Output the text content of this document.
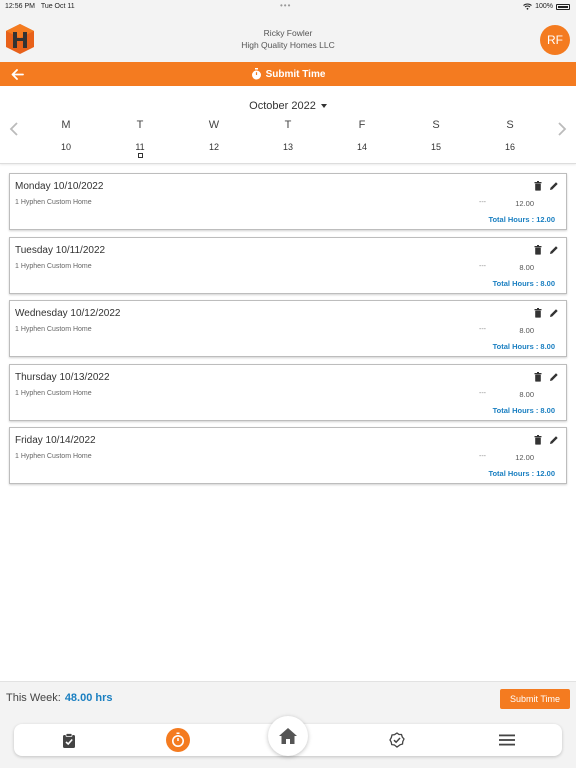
12:56 PM Tue Oct 11	•••	100%
Ricky Fowler
High Quality Homes LLC	RF
Submit Time
October 2022
M
10
T
11
W
12
T
13
F
14
S
15
S
16
Monday 10/10/2022
1 Hyphen Custom Home	---	12.00
Total Hours : 12.00
Tuesday 10/11/2022
1 Hyphen Custom Home	---	8.00
Total Hours : 8.00
Wednesday 10/12/2022
1 Hyphen Custom Home	---	8.00
Total Hours : 8.00
Thursday 10/13/2022
1 Hyphen Custom Home	---	8.00
Total Hours : 8.00
Friday 10/14/2022
1 Hyphen Custom Home	---	12.00
Total Hours : 12.00
This Week: 48.00 hrs	Submit Time
